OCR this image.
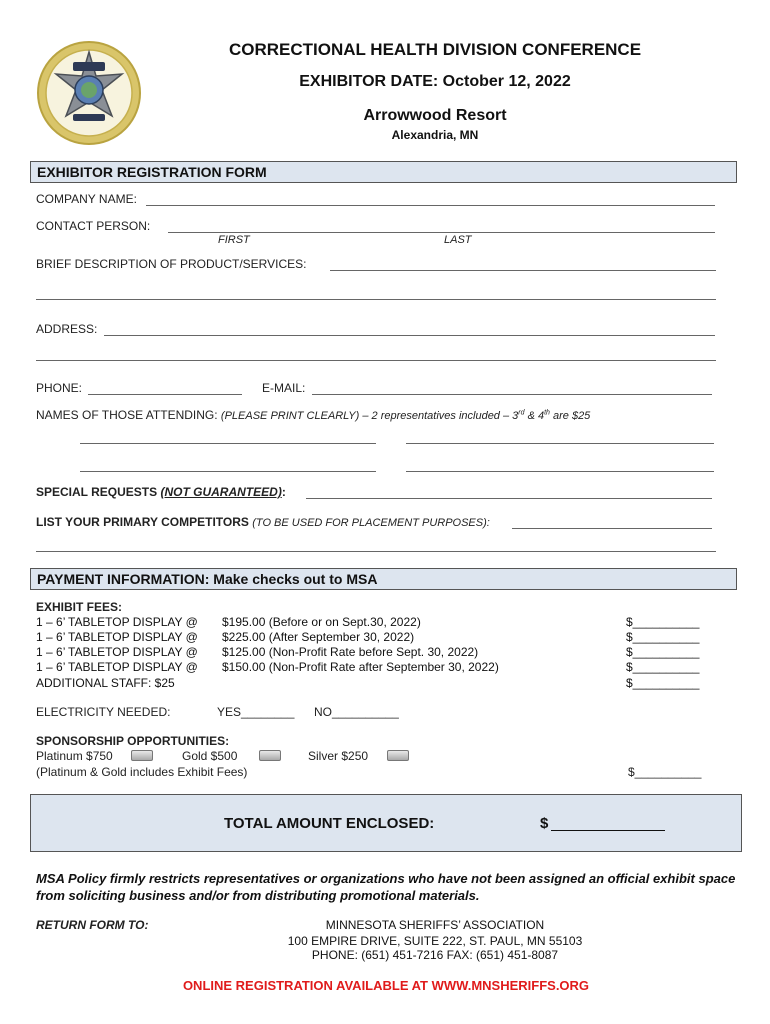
CORRECTIONAL HEALTH DIVISION CONFERENCE
EXHIBITOR DATE: October 12, 2022
Arrowwood Resort
Alexandria, MN
EXHIBITOR REGISTRATION FORM
COMPANY NAME:
CONTACT PERSON:
FIRST	LAST
BRIEF DESCRIPTION OF PRODUCT/SERVICES:
ADDRESS:
PHONE:	E-MAIL:
NAMES OF THOSE ATTENDING: (PLEASE PRINT CLEARLY) – 2 representatives included – 3rd & 4th are $25
SPECIAL REQUESTS (NOT GUARANTEED):
LIST YOUR PRIMARY COMPETITORS (TO BE USED FOR PLACEMENT PURPOSES):
PAYMENT INFORMATION: Make checks out to MSA
EXHIBIT FEES:
1 – 6’ TABLETOP DISPLAY @ $195.00 (Before or on Sept.30, 2022)	$__________
1 – 6’ TABLETOP DISPLAY @ $225.00 (After September 30, 2022)	$__________
1 – 6’ TABLETOP DISPLAY @ $125.00 (Non-Profit Rate before Sept. 30, 2022)	$__________
1 – 6’ TABLETOP DISPLAY @ $150.00 (Non-Profit Rate after September 30, 2022)	$__________
ADDITIONAL STAFF: $25	$__________
ELECTRICITY NEEDED:	YES________ NO__________
SPONSORSHIP OPPORTUNITIES:
Platinum $750	Gold $500	Silver $250
(Platinum & Gold includes Exhibit Fees)	$__________
TOTAL AMOUNT ENCLOSED:	$
MSA Policy firmly restricts representatives or organizations who have not been assigned an official exhibit space from soliciting business and/or from distributing promotional materials.
RETURN FORM TO:	MINNESOTA SHERIFFS’ ASSOCIATION
100 EMPIRE DRIVE, SUITE 222, ST. PAUL, MN 55103
PHONE: (651) 451-7216 FAX: (651) 451-8087
ONLINE REGISTRATION AVAILABLE AT WWW.MNSHERIFFS.ORG
